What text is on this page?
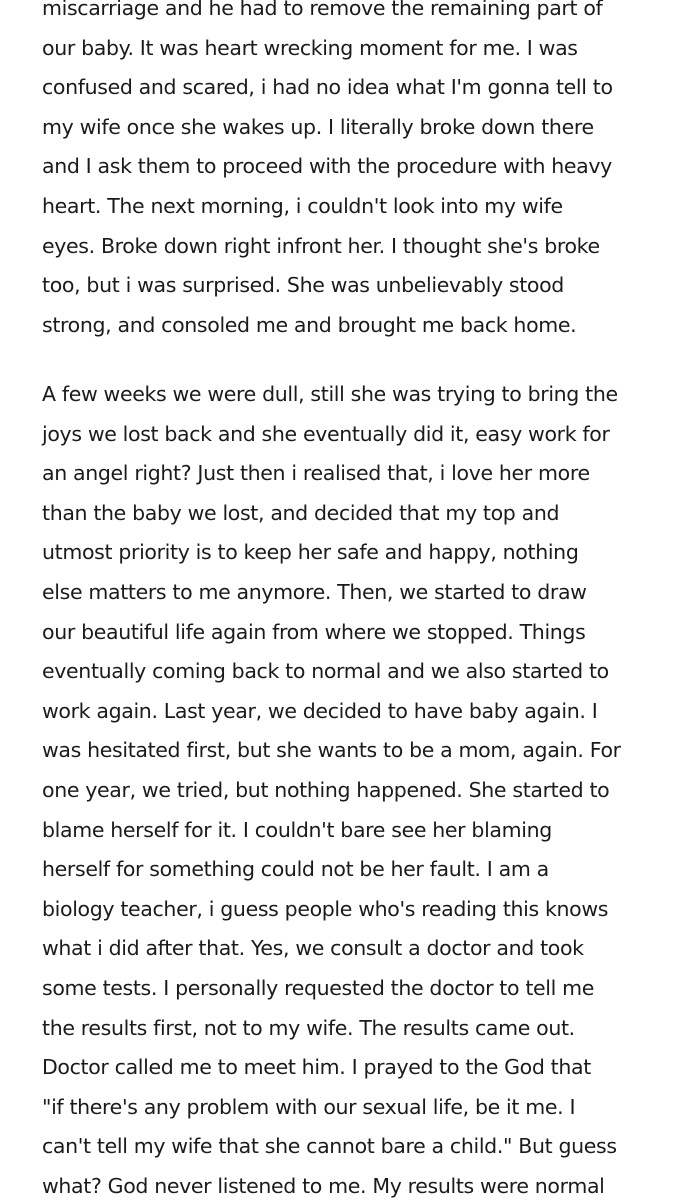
miscarriage and he had to remove the remaining part of
our baby. It was heart wrecking moment for me. I was
confused and scared, i had no idea what I'm gonna tell to
my wife once she wakes up. I literally broke down there
and I ask them to proceed with the procedure with heavy
heart. The next morning, i couldn't look into my wife
eyes. Broke down right infront her. I thought she's broke
too, but i was surprised. She was unbelievably stood
strong, and consoled me and brought me back home.

A few weeks we were dull, still she was trying to bring the
joys we lost back and she eventually did it, easy work for
an angel right? Just then i realised that, i love her more
than the baby we lost, and decided that my top and
utmost priority is to keep her safe and happy, nothing
else matters to me anymore. Then, we started to draw
our beautiful life again from where we stopped. Things
eventually coming back to normal and we also started to
work again. Last year, we decided to have baby again. I
was hesitated first, but she wants to be a mom, again. For
one year, we tried, but nothing happened. She started to
blame herself for it. I couldn't bare see her blaming
herself for something could not be her fault. I am a
biology teacher, i guess people who's reading this knows
what i did after that. Yes, we consult a doctor and took
some tests. I personally requested the doctor to tell me
the results first, not to my wife. The results came out.
Doctor called me to meet him. I prayed to the God that
"if there's any problem with our sexual life, be it me. I
can't tell my wife that she cannot bare a child." But guess
what? God never listened to me. My results were normal
